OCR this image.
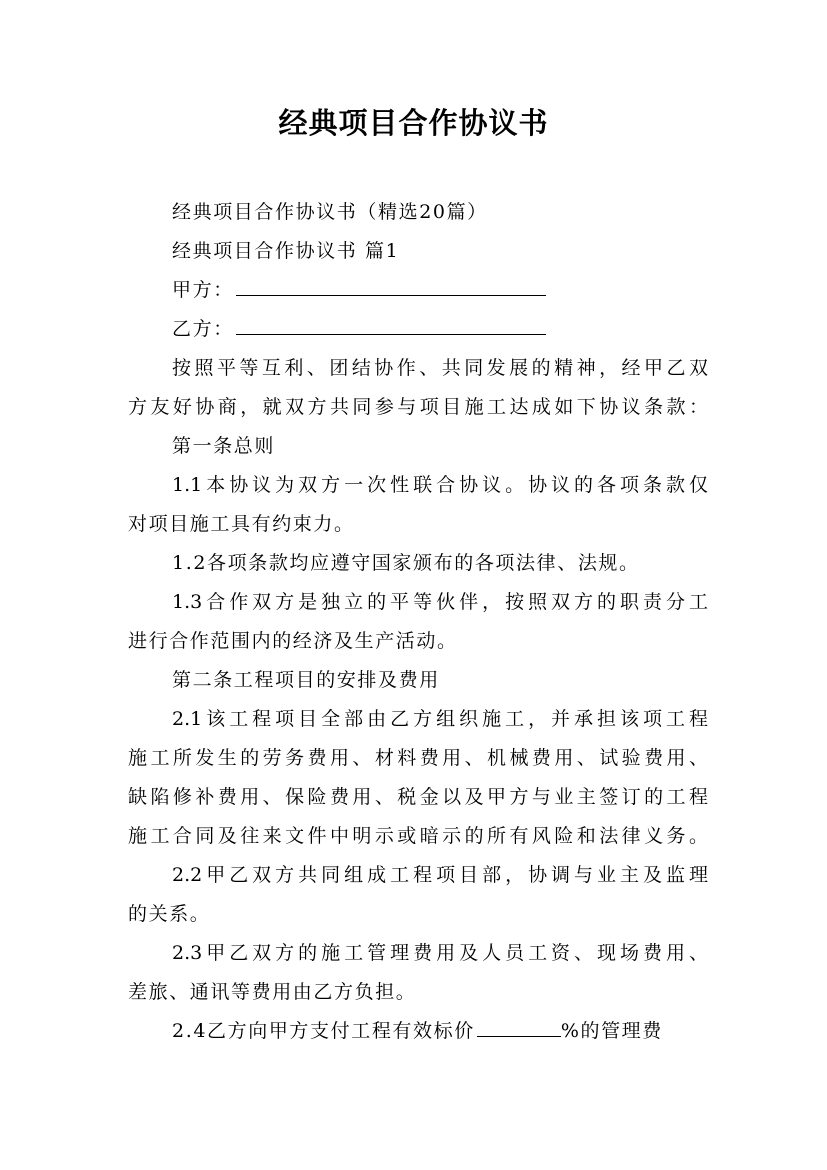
经典项目合作协议书
经典项目合作协议书（精选20篇）
经典项目合作协议书 篇1
甲方：
乙方：
按照平等互利、团结协作、共同发展的精神，经甲乙双
方友好协商，就双方共同参与项目施工达成如下协议条款：
第一条总则
1.1本协议为双方一次性联合协议。协议的各项条款仅
对项目施工具有约束力。
1.2各项条款均应遵守国家颁布的各项法律、法规。
1.3合作双方是独立的平等伙伴，按照双方的职责分工
进行合作范围内的经济及生产活动。
第二条工程项目的安排及费用
2.1该工程项目全部由乙方组织施工，并承担该项工程
施工所发生的劳务费用、材料费用、机械费用、试验费用、
缺陷修补费用、保险费用、税金以及甲方与业主签订的工程
施工合同及往来文件中明示或暗示的所有风险和法律义务。
2.2甲乙双方共同组成工程项目部，协调与业主及监理
的关系。
2.3甲乙双方的施工管理费用及人员工资、现场费用、
差旅、通讯等费用由乙方负担。
2.4乙方向甲方支付工程有效标价	%的管理费
